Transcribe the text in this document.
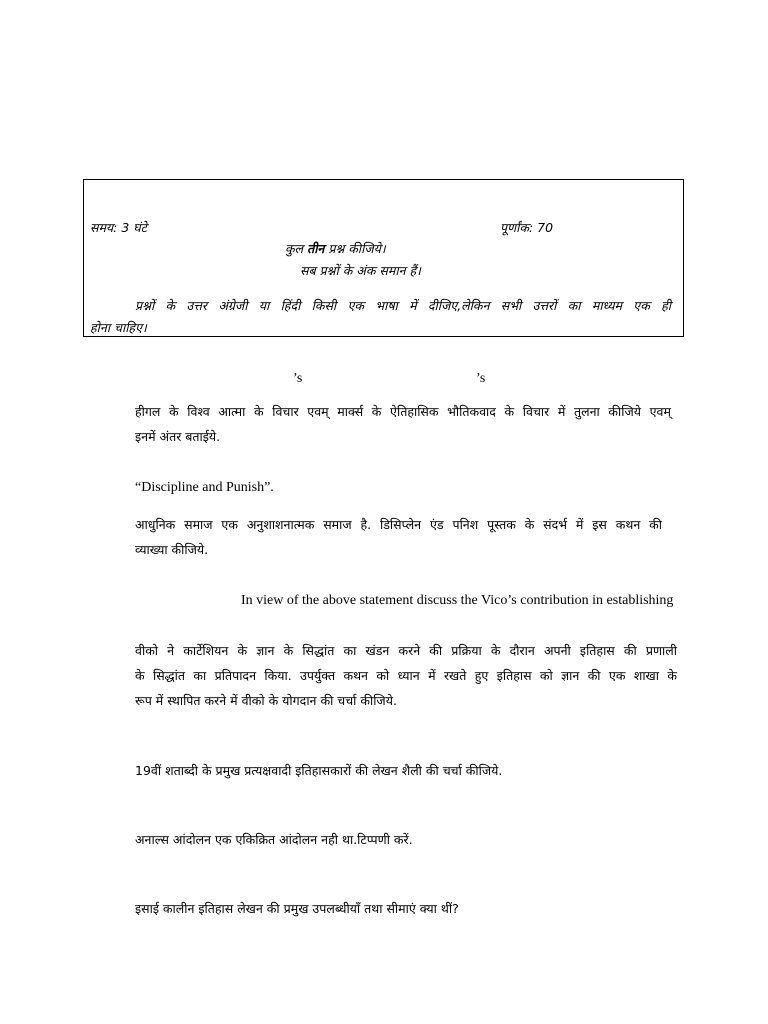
समय: 3 घंटे	पूर्णांक: 70
कुल तीन प्रश्न कीजिये।
सब प्रश्नों के अंक समान हैं।
प्रश्नों के उत्तर अंग्रेजी या हिंदी किसी एक भाषा में दीजिए,लेकिन सभी उत्तरों का माध्यम एक ही
होना चाहिए।
’s	’s
हीगल के विश्व आत्मा के विचार एवम् मार्क्स के ऐतिहासिक भौतिकवाद के विचार में तुलना कीजिये एवम्
इनमें अंतर बताईये.
“Discipline and Punish”.
आधुनिक समाज एक अनुशाशनात्मक समाज है. डिसिप्लेन एंड पनिश पूस्तक के संदर्भ में इस कथन की
व्याख्या कीजिये.
In view of the above statement discuss the Vico’s contribution in establishing
वीको ने कार्टेशियन के ज्ञान के सिद्धांत का खंडन करने की प्रक्रिया के दौरान अपनी इतिहास की प्रणाली
के सिद्धांत का प्रतिपादन किया. उपर्युक्त कथन को ध्यान में रखते हुए इतिहास को ज्ञान की एक शाखा के
रूप में स्थापित करने में वीको के योगदान की चर्चा कीजिये.
19वीं शताब्दी के प्रमुख प्रत्यक्षवादी इतिहासकारों की लेखन शैली की चर्चा कीजिये.
अनाल्स आंदोलन एक एकिक्रित आंदोलन नही था.टिप्पणी करें.
इसाई कालीन इतिहास लेखन की प्रमुख उपलब्धीयाँ तथा सीमाएं क्या थीं?
